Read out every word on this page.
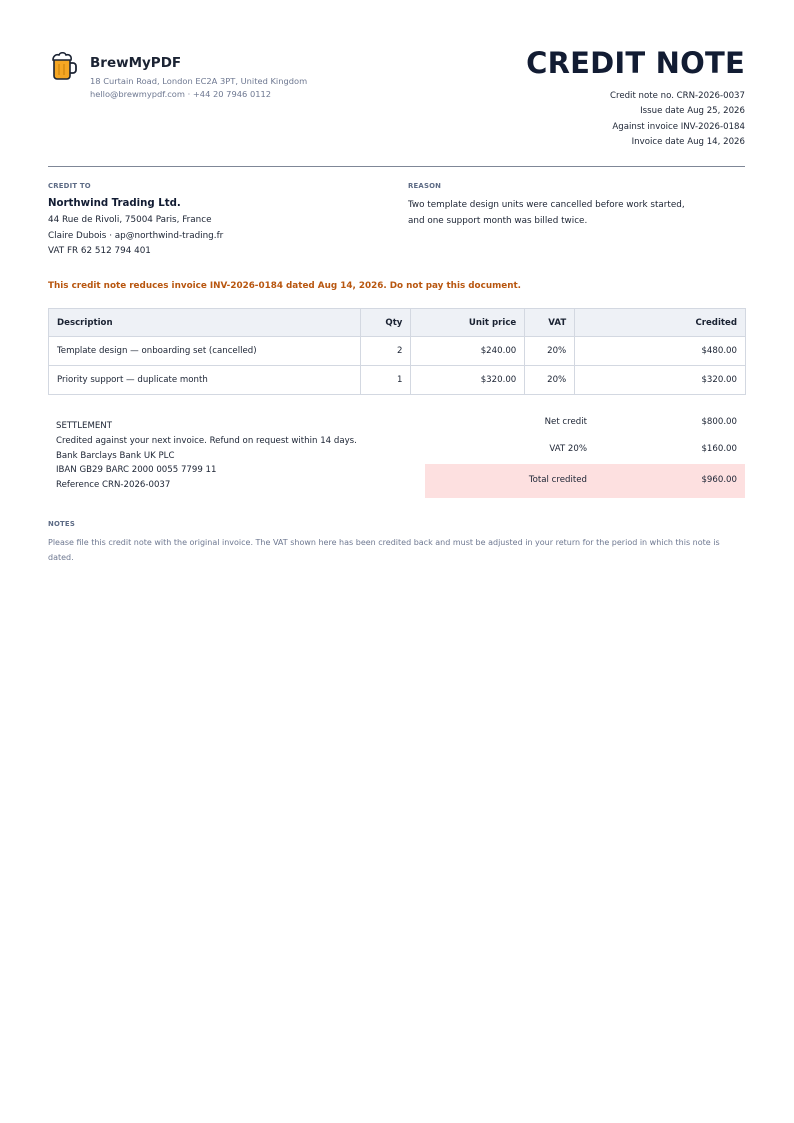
BrewMyPDF
18 Curtain Road, London EC2A 3PT, United Kingdom
hello@brewmypdf.com · +44 20 7946 0112
CREDIT NOTE
Credit note no. CRN-2026-0037
Issue date Aug 25, 2026
Against invoice INV-2026-0184
Invoice date Aug 14, 2026
CREDIT TO
Northwind Trading Ltd.
44 Rue de Rivoli, 75004 Paris, France
Claire Dubois · ap@northwind-trading.fr
VAT FR 62 512 794 401
REASON
Two template design units were cancelled before work started,
and one support month was billed twice.
This credit note reduces invoice INV-2026-0184 dated Aug 14, 2026. Do not pay this document.
Description	Qty	Unit price	VAT	Credited
Template design — onboarding set (cancelled)	2	$240.00	20%	$480.00
Priority support — duplicate month	1	$320.00	20%	$320.00
SETTLEMENT
Credited against your next invoice. Refund on request within 14 days.
Bank Barclays Bank UK PLC
IBAN GB29 BARC 2000 0055 7799 11
Reference CRN-2026-0037
Net credit	$800.00
VAT 20%	$160.00
Total credited	$960.00
NOTES
Please file this credit note with the original invoice. The VAT shown here has been credited back and must be adjusted in your return for the period in which this note is dated.
